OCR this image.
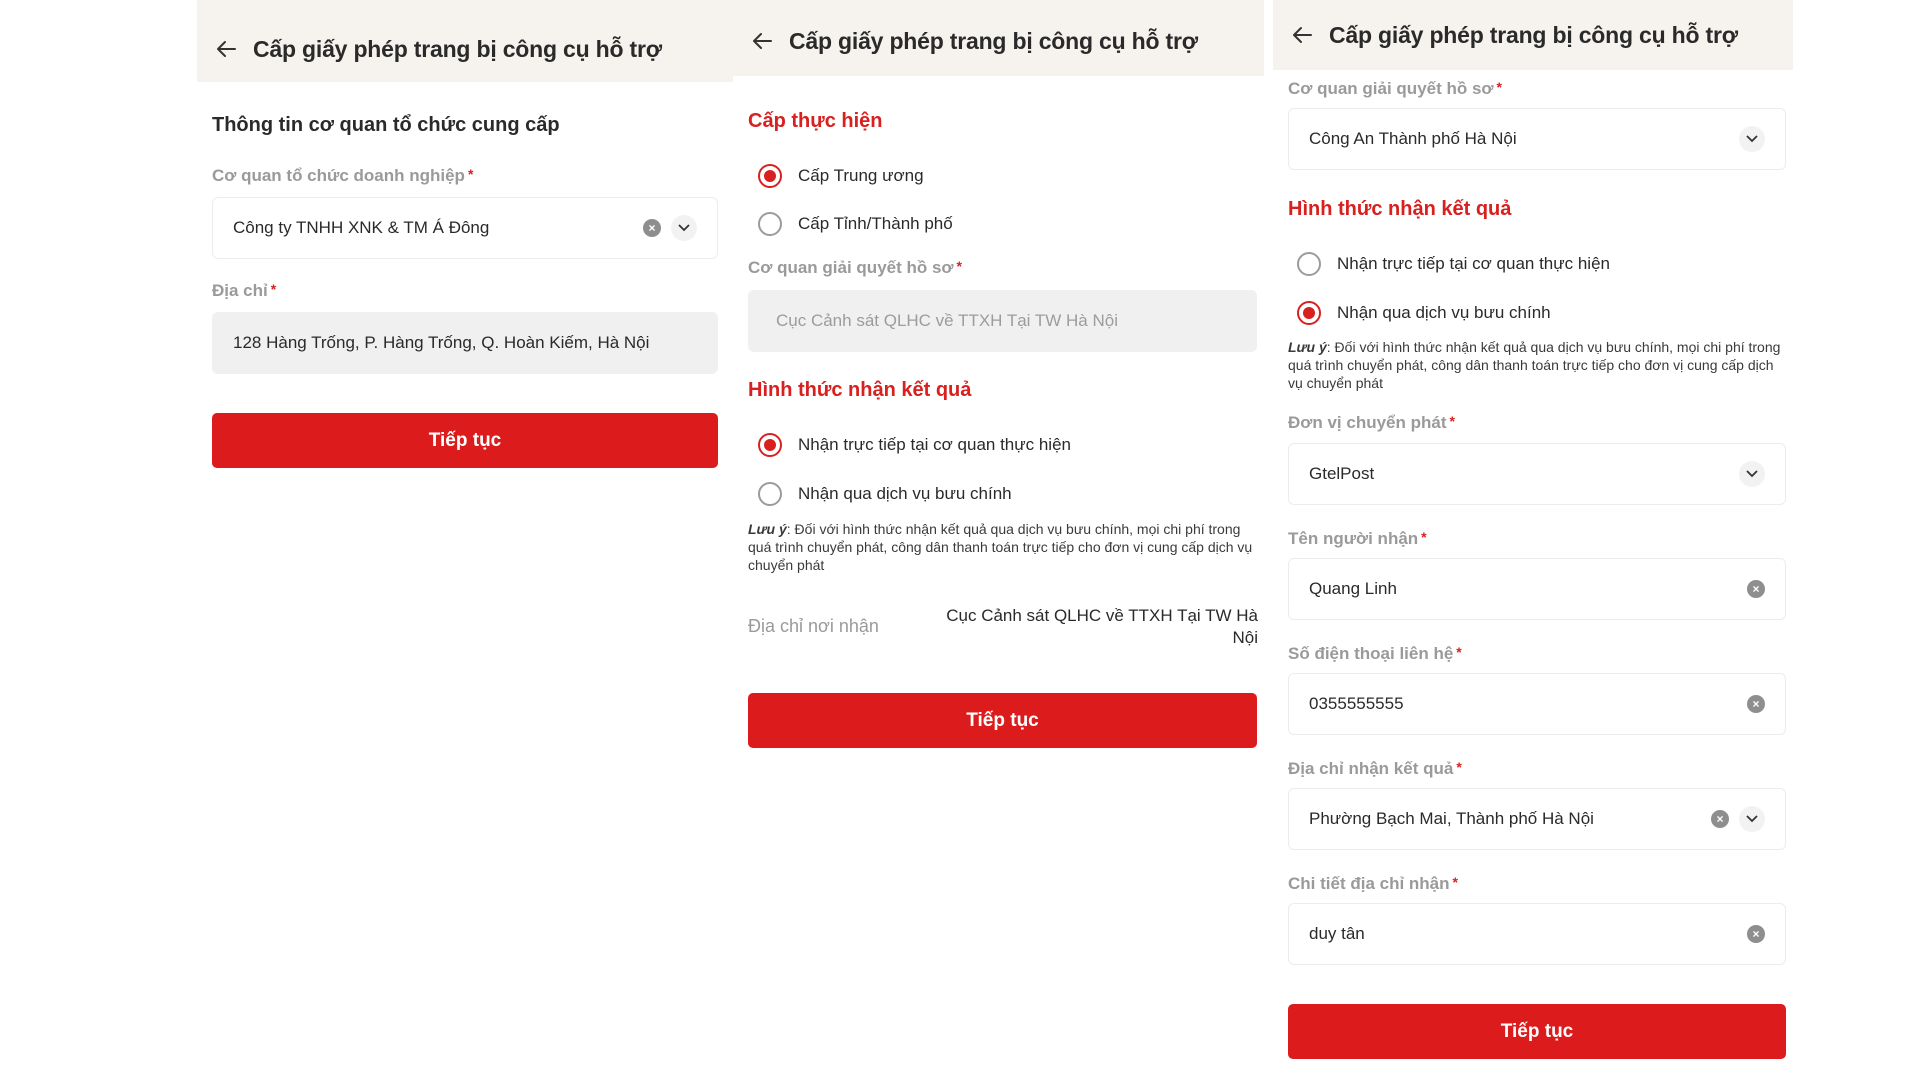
Cấp giấy phép trang bị công cụ hỗ trợ
Thông tin cơ quan tổ chức cung cấp
Cơ quan tổ chức doanh nghiệp *
Công ty TNHH XNK & TM Á Đông	×
Địa chỉ *
128 Hàng Trống, P. Hàng Trống, Q. Hoàn Kiếm, Hà Nội
Tiếp tục
Cấp giấy phép trang bị công cụ hỗ trợ
Cấp thực hiện
Cấp Trung ương
Cấp Tỉnh/Thành phố
Cơ quan giải quyết hồ sơ *
Cục Cảnh sát QLHC về TTXH Tại TW Hà Nội
Hình thức nhận kết quả
Nhận trực tiếp tại cơ quan thực hiện
Nhận qua dịch vụ bưu chính
Lưu ý: Đối với hình thức nhận kết quả qua dịch vụ bưu chính, mọi chi phí trong quá trình chuyển phát, công dân thanh toán trực tiếp cho đơn vị cung cấp dịch vụ chuyển phát
Địa chỉ nơi nhận
Cục Cảnh sát QLHC về TTXH Tại TW Hà Nội
Tiếp tục
Cấp giấy phép trang bị công cụ hỗ trợ
Cơ quan giải quyết hồ sơ *
Công An Thành phố Hà Nội
Hình thức nhận kết quả
Nhận trực tiếp tại cơ quan thực hiện
Nhận qua dịch vụ bưu chính
Lưu ý: Đối với hình thức nhận kết quả qua dịch vụ bưu chính, mọi chi phí trong quá trình chuyển phát, công dân thanh toán trực tiếp cho đơn vị cung cấp dịch vụ chuyển phát
Đơn vị chuyển phát *
GtelPost
Tên người nhận *
Quang Linh	×
Số điện thoại liên hệ *
0355555555	×
Địa chỉ nhận kết quả *
Phường Bạch Mai, Thành phố Hà Nội	×
Chi tiết địa chỉ nhận *
duy tân	×
Tiếp tục
